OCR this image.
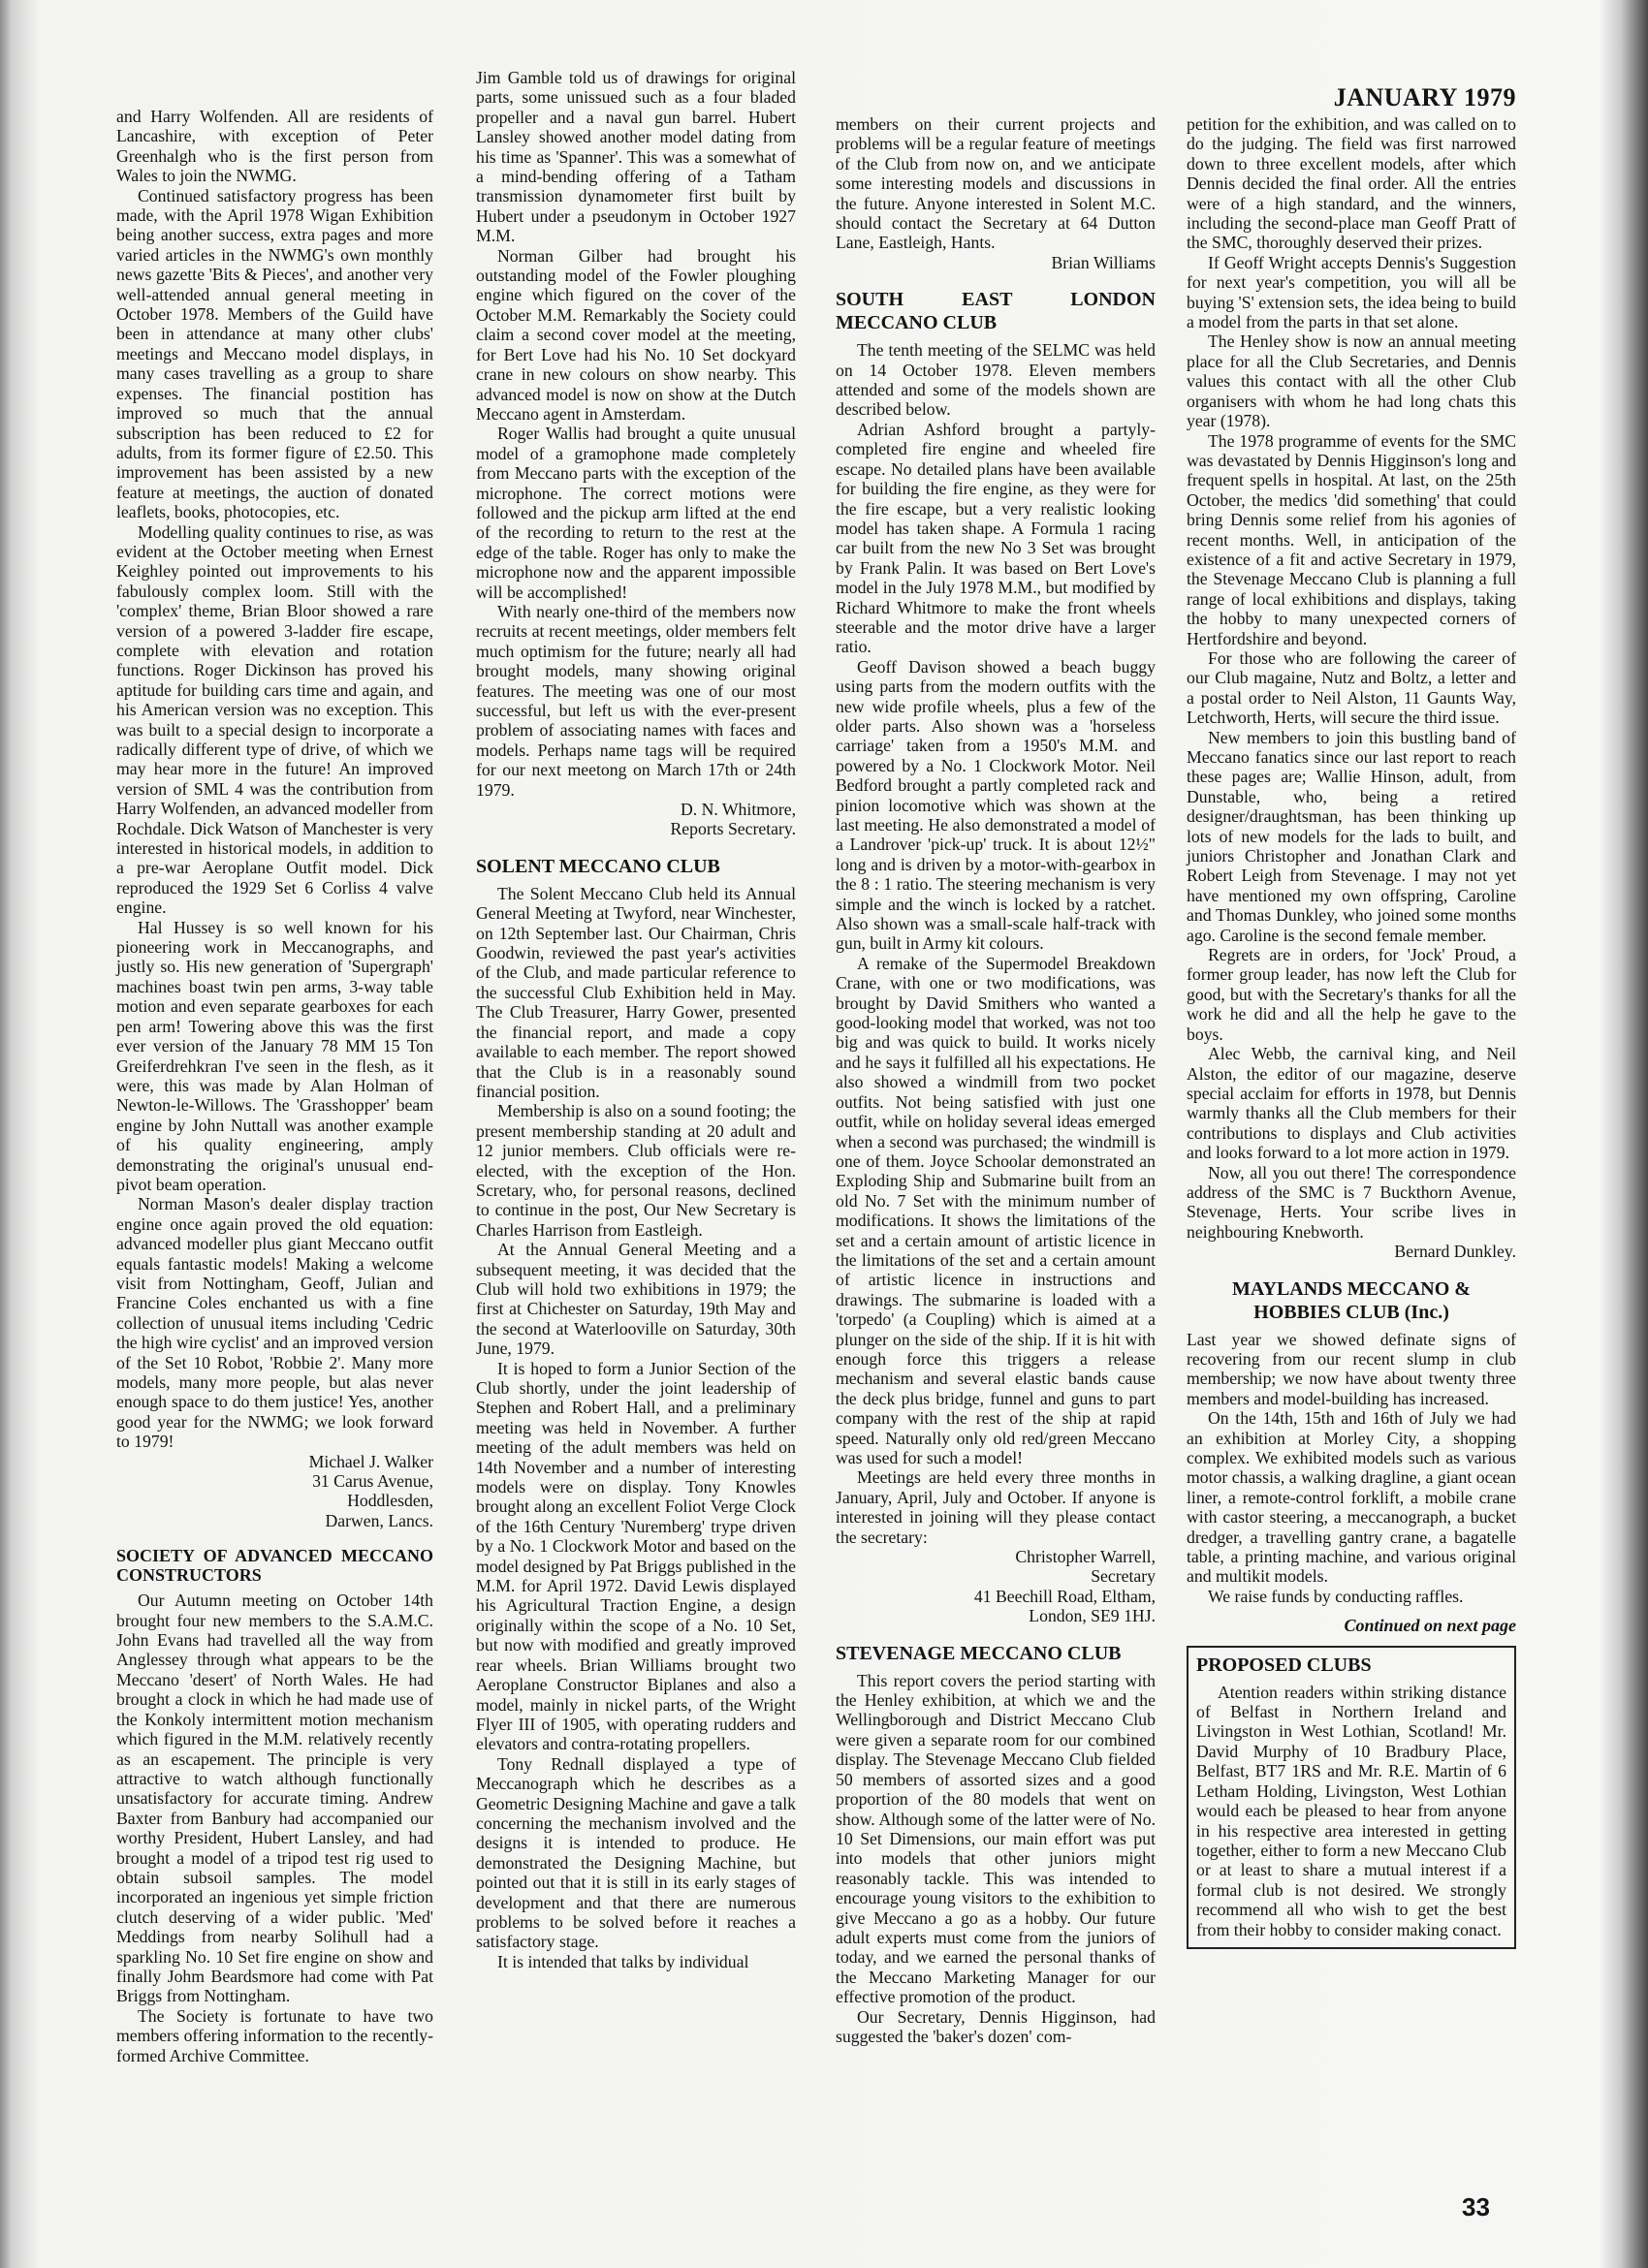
JANUARY 1979

and Harry Wolfenden. All are residents of Lancashire, with exception of Peter Greenhalgh who is the first person from Wales to join the NWMG.

Continued satisfactory progress has been made, with the April 1978 Wigan Exhibition being another success, extra pages and more varied articles in the NWMG's own monthly news gazette 'Bits & Pieces', and another very well-attended annual general meeting in October 1978. Members of the Guild have been in attendance at many other clubs' meetings and Meccano model displays, in many cases travelling as a group to share expenses. The financial postition has improved so much that the annual subscription has been reduced to £2 for adults, from its former figure of £2.50. This improvement has been assisted by a new feature at meetings, the auction of donated leaflets, books, photocopies, etc.

Modelling quality continues to rise, as was evident at the October meeting when Ernest Keighley pointed out improvements to his fabulously complex loom. Still with the 'complex' theme, Brian Bloor showed a rare version of a powered 3-ladder fire escape, complete with elevation and rotation functions. Roger Dickinson has proved his aptitude for building cars time and again, and his American version was no exception. This was built to a special design to incorporate a radically different type of drive, of which we may hear more in the future! An improved version of SML 4 was the contribution from Harry Wolfenden, an advanced modeller from Rochdale. Dick Watson of Manchester is very interested in historical models, in addition to a pre-war Aeroplane Outfit model. Dick reproduced the 1929 Set 6 Corliss 4 valve engine.

Hal Hussey is so well known for his pioneering work in Meccanographs, and justly so. His new generation of 'Supergraph' machines boast twin pen arms, 3-way table motion and even separate gearboxes for each pen arm! Towering above this was the first ever version of the January 78 MM 15 Ton Greiferdrehkran I've seen in the flesh, as it were, this was made by Alan Holman of Newton-le-Willows. The 'Grasshopper' beam engine by John Nuttall was another example of his quality engineering, amply demonstrating the original's unusual end-pivot beam operation.

Norman Mason's dealer display traction engine once again proved the old equation: advanced modeller plus giant Meccano outfit equals fantastic models! Making a welcome visit from Nottingham, Geoff, Julian and Francine Coles enchanted us with a fine collection of unusual items including 'Cedric the high wire cyclist' and an improved version of the Set 10 Robot, 'Robbie 2'. Many more models, many more people, but alas never enough space to do them justice! Yes, another good year for the NWMG; we look forward to 1979!

Michael J. Walker

31 Carus Avenue,

Hoddlesden,

Darwen, Lancs.

SOCIETY OF ADVANCED MECCANO CONSTRUCTORS

Our Autumn meeting on October 14th brought four new members to the S.A.M.C. John Evans had travelled all the way from Anglessey through what appears to be the Meccano 'desert' of North Wales. He had brought a clock in which he had made use of the Konkoly intermittent motion mechanism which figured in the M.M. relatively recently as an escapement. The principle is very attractive to watch although functionally unsatisfactory for accurate timing. Andrew Baxter from Banbury had accompanied our worthy President, Hubert Lansley, and had brought a model of a tripod test rig used to obtain subsoil samples. The model incorporated an ingenious yet simple friction clutch deserving of a wider public. 'Med' Meddings from nearby Solihull had a sparkling No. 10 Set fire engine on show and finally Johm Beardsmore had come with Pat Briggs from Nottingham.

The Society is fortunate to have two members offering information to the recently-formed Archive Committee.

Jim Gamble told us of drawings for original parts, some unissued such as a four bladed propeller and a naval gun barrel. Hubert Lansley showed another model dating from his time as 'Spanner'. This was a somewhat of a mind-bending offering of a Tatham transmission dynamometer first built by Hubert under a pseudonym in October 1927 M.M.

Norman Gilber had brought his outstanding model of the Fowler ploughing engine which figured on the cover of the October M.M. Remarkably the Society could claim a second cover model at the meeting, for Bert Love had his No. 10 Set dockyard crane in new colours on show nearby. This advanced model is now on show at the Dutch Meccano agent in Amsterdam.

Roger Wallis had brought a quite unusual model of a gramophone made completely from Meccano parts with the exception of the microphone. The correct motions were followed and the pickup arm lifted at the end of the recording to return to the rest at the edge of the table. Roger has only to make the microphone now and the apparent impossible will be accomplished!

With nearly one-third of the members now recruits at recent meetings, older members felt much optimism for the future; nearly all had brought models, many showing original features. The meeting was one of our most successful, but left us with the ever-present problem of associating names with faces and models. Perhaps name tags will be required for our next meetong on March 17th or 24th 1979.

D. N. Whitmore,

Reports Secretary.

SOLENT MECCANO CLUB

The Solent Meccano Club held its Annual General Meeting at Twyford, near Winchester, on 12th September last. Our Chairman, Chris Goodwin, reviewed the past year's activities of the Club, and made particular reference to the successful Club Exhibition held in May. The Club Treasurer, Harry Gower, presented the financial report, and made a copy available to each member. The report showed that the Club is in a reasonably sound financial position.

Membership is also on a sound footing; the present membership standing at 20 adult and 12 junior members. Club officials were re-elected, with the exception of the Hon. Scretary, who, for personal reasons, declined to continue in the post, Our New Secretary is Charles Harrison from Eastleigh.

At the Annual General Meeting and a subsequent meeting, it was decided that the Club will hold two exhibitions in 1979; the first at Chichester on Saturday, 19th May and the second at Waterlooville on Saturday, 30th June, 1979.

It is hoped to form a Junior Section of the Club shortly, under the joint leadership of Stephen and Robert Hall, and a preliminary meeting was held in November. A further meeting of the adult members was held on 14th November and a number of interesting models were on display. Tony Knowles brought along an excellent Foliot Verge Clock of the 16th Century 'Nuremberg' trype driven by a No. 1 Clockwork Motor and based on the model designed by Pat Briggs published in the M.M. for April 1972. David Lewis displayed his Agricultural Traction Engine, a design originally within the scope of a No. 10 Set, but now with modified and greatly improved rear wheels. Brian Williams brought two Aeroplane Constructor Biplanes and also a model, mainly in nickel parts, of the Wright Flyer III of 1905, with operating rudders and elevators and contra-rotating propellers.

Tony Rednall displayed a type of Meccanograph which he describes as a Geometric Designing Machine and gave a talk concerning the mechanism involved and the designs it is intended to produce. He demonstrated the Designing Machine, but pointed out that it is still in its early stages of development and that there are numerous problems to be solved before it reaches a satisfactory stage.

It is intended that talks by individual

members on their current projects and problems will be a regular feature of meetings of the Club from now on, and we anticipate some interesting models and discussions in the future. Anyone interested in Solent M.C. should contact the Secretary at 64 Dutton Lane, Eastleigh, Hants.

Brian Williams

SOUTH EAST LONDON MECCANO CLUB

The tenth meeting of the SELMC was held on 14 October 1978. Eleven members attended and some of the models shown are described below.

Adrian Ashford brought a partyly-completed fire engine and wheeled fire escape. No detailed plans have been available for building the fire engine, as they were for the fire escape, but a very realistic looking model has taken shape. A Formula 1 racing car built from the new No 3 Set was brought by Frank Palin. It was based on Bert Love's model in the July 1978 M.M., but modified by Richard Whitmore to make the front wheels steerable and the motor drive have a larger ratio.

Geoff Davison showed a beach buggy using parts from the modern outfits with the new wide profile wheels, plus a few of the older parts. Also shown was a 'horseless carriage' taken from a 1950's M.M. and powered by a No. 1 Clockwork Motor. Neil Bedford brought a partly completed rack and pinion locomotive which was shown at the last meeting. He also demonstrated a model of a Landrover 'pick-up' truck. It is about 12½" long and is driven by a motor-with-gearbox in the 8 : 1 ratio. The steering mechanism is very simple and the winch is locked by a ratchet. Also shown was a small-scale half-track with gun, built in Army kit colours.

A remake of the Supermodel Breakdown Crane, with one or two modifications, was brought by David Smithers who wanted a good-looking model that worked, was not too big and was quick to build. It works nicely and he says it fulfilled all his expectations. He also showed a windmill from two pocket outfits. Not being satisfied with just one outfit, while on holiday several ideas emerged when a second was purchased; the windmill is one of them. Joyce Schoolar demonstrated an Exploding Ship and Submarine built from an old No. 7 Set with the minimum number of modifications. It shows the limitations of the set and a certain amount of artistic licence in the limitations of the set and a certain amount of artistic licence in instructions and drawings. The submarine is loaded with a 'torpedo' (a Coupling) which is aimed at a plunger on the side of the ship. If it is hit with enough force this triggers a release mechanism and several elastic bands cause the deck plus bridge, funnel and guns to part company with the rest of the ship at rapid speed. Naturally only old red/green Meccano was used for such a model!

Meetings are held every three months in January, April, July and October. If anyone is interested in joining will they please contact the secretary:

Christopher Warrell,

Secretary

41 Beechill Road, Eltham,

London, SE9 1HJ.

STEVENAGE MECCANO CLUB

This report covers the period starting with the Henley exhibition, at which we and the Wellingborough and District Meccano Club were given a separate room for our combined display. The Stevenage Meccano Club fielded 50 members of assorted sizes and a good proportion of the 80 models that went on show. Although some of the latter were of No. 10 Set Dimensions, our main effort was put into models that other juniors might reasonably tackle. This was intended to encourage young visitors to the exhibition to give Meccano a go as a hobby. Our future adult experts must come from the juniors of today, and we earned the personal thanks of the Meccano Marketing Manager for our effective promotion of the product.

Our Secretary, Dennis Higginson, had suggested the 'baker's dozen' com-

petition for the exhibition, and was called on to do the judging. The field was first narrowed down to three excellent models, after which Dennis decided the final order. All the entries were of a high standard, and the winners, including the second-place man Geoff Pratt of the SMC, thoroughly deserved their prizes.

If Geoff Wright accepts Dennis's Suggestion for next year's competition, you will all be buying 'S' extension sets, the idea being to build a model from the parts in that set alone.

The Henley show is now an annual meeting place for all the Club Secretaries, and Dennis values this contact with all the other Club organisers with whom he had long chats this year (1978).

The 1978 programme of events for the SMC was devastated by Dennis Higginson's long and frequent spells in hospital. At last, on the 25th October, the medics 'did something' that could bring Dennis some relief from his agonies of recent months. Well, in anticipation of the existence of a fit and active Secretary in 1979, the Stevenage Meccano Club is planning a full range of local exhibitions and displays, taking the hobby to many unexpected corners of Hertfordshire and beyond.

For those who are following the career of our Club magaine, Nutz and Boltz, a letter and a postal order to Neil Alston, 11 Gaunts Way, Letchworth, Herts, will secure the third issue.

New members to join this bustling band of Meccano fanatics since our last report to reach these pages are; Wallie Hinson, adult, from Dunstable, who, being a retired designer/draughtsman, has been thinking up lots of new models for the lads to built, and juniors Christopher and Jonathan Clark and Robert Leigh from Stevenage. I may not yet have mentioned my own offspring, Caroline and Thomas Dunkley, who joined some months ago. Caroline is the second female member.

Regrets are in orders, for 'Jock' Proud, a former group leader, has now left the Club for good, but with the Secretary's thanks for all the work he did and all the help he gave to the boys.

Alec Webb, the carnival king, and Neil Alston, the editor of our magazine, deserve special acclaim for efforts in 1978, but Dennis warmly thanks all the Club members for their contributions to displays and Club activities and looks forward to a lot more action in 1979.

Now, all you out there! The correspondence address of the SMC is 7 Buckthorn Avenue, Stevenage, Herts. Your scribe lives in neighbouring Knebworth.

Bernard Dunkley.

MAYLANDS MECCANO & HOBBIES CLUB (Inc.)

Last year we showed definate signs of recovering from our recent slump in club membership; we now have about twenty three members and model-building has increased.

On the 14th, 15th and 16th of July we had an exhibition at Morley City, a shopping complex. We exhibited models such as various motor chassis, a walking dragline, a giant ocean liner, a remote-control forklift, a mobile crane with castor steering, a meccanograph, a bucket dredger, a travelling gantry crane, a bagatelle table, a printing machine, and various original and multikit models.

We raise funds by conducting raffles.

Continued on next page
PROPOSED CLUBS

Atention readers within striking distance of Belfast in Northern Ireland and Livingston in West Lothian, Scotland! Mr. David Murphy of 10 Bradbury Place, Belfast, BT7 1RS and Mr. R.E. Martin of 6 Letham Holding, Livingston, West Lothian would each be pleased to hear from anyone in his respective area interested in getting together, either to form a new Meccano Club or at least to share a mutual interest if a formal club is not desired. We strongly recommend all who wish to get the best from their hobby to consider making conact.

33
